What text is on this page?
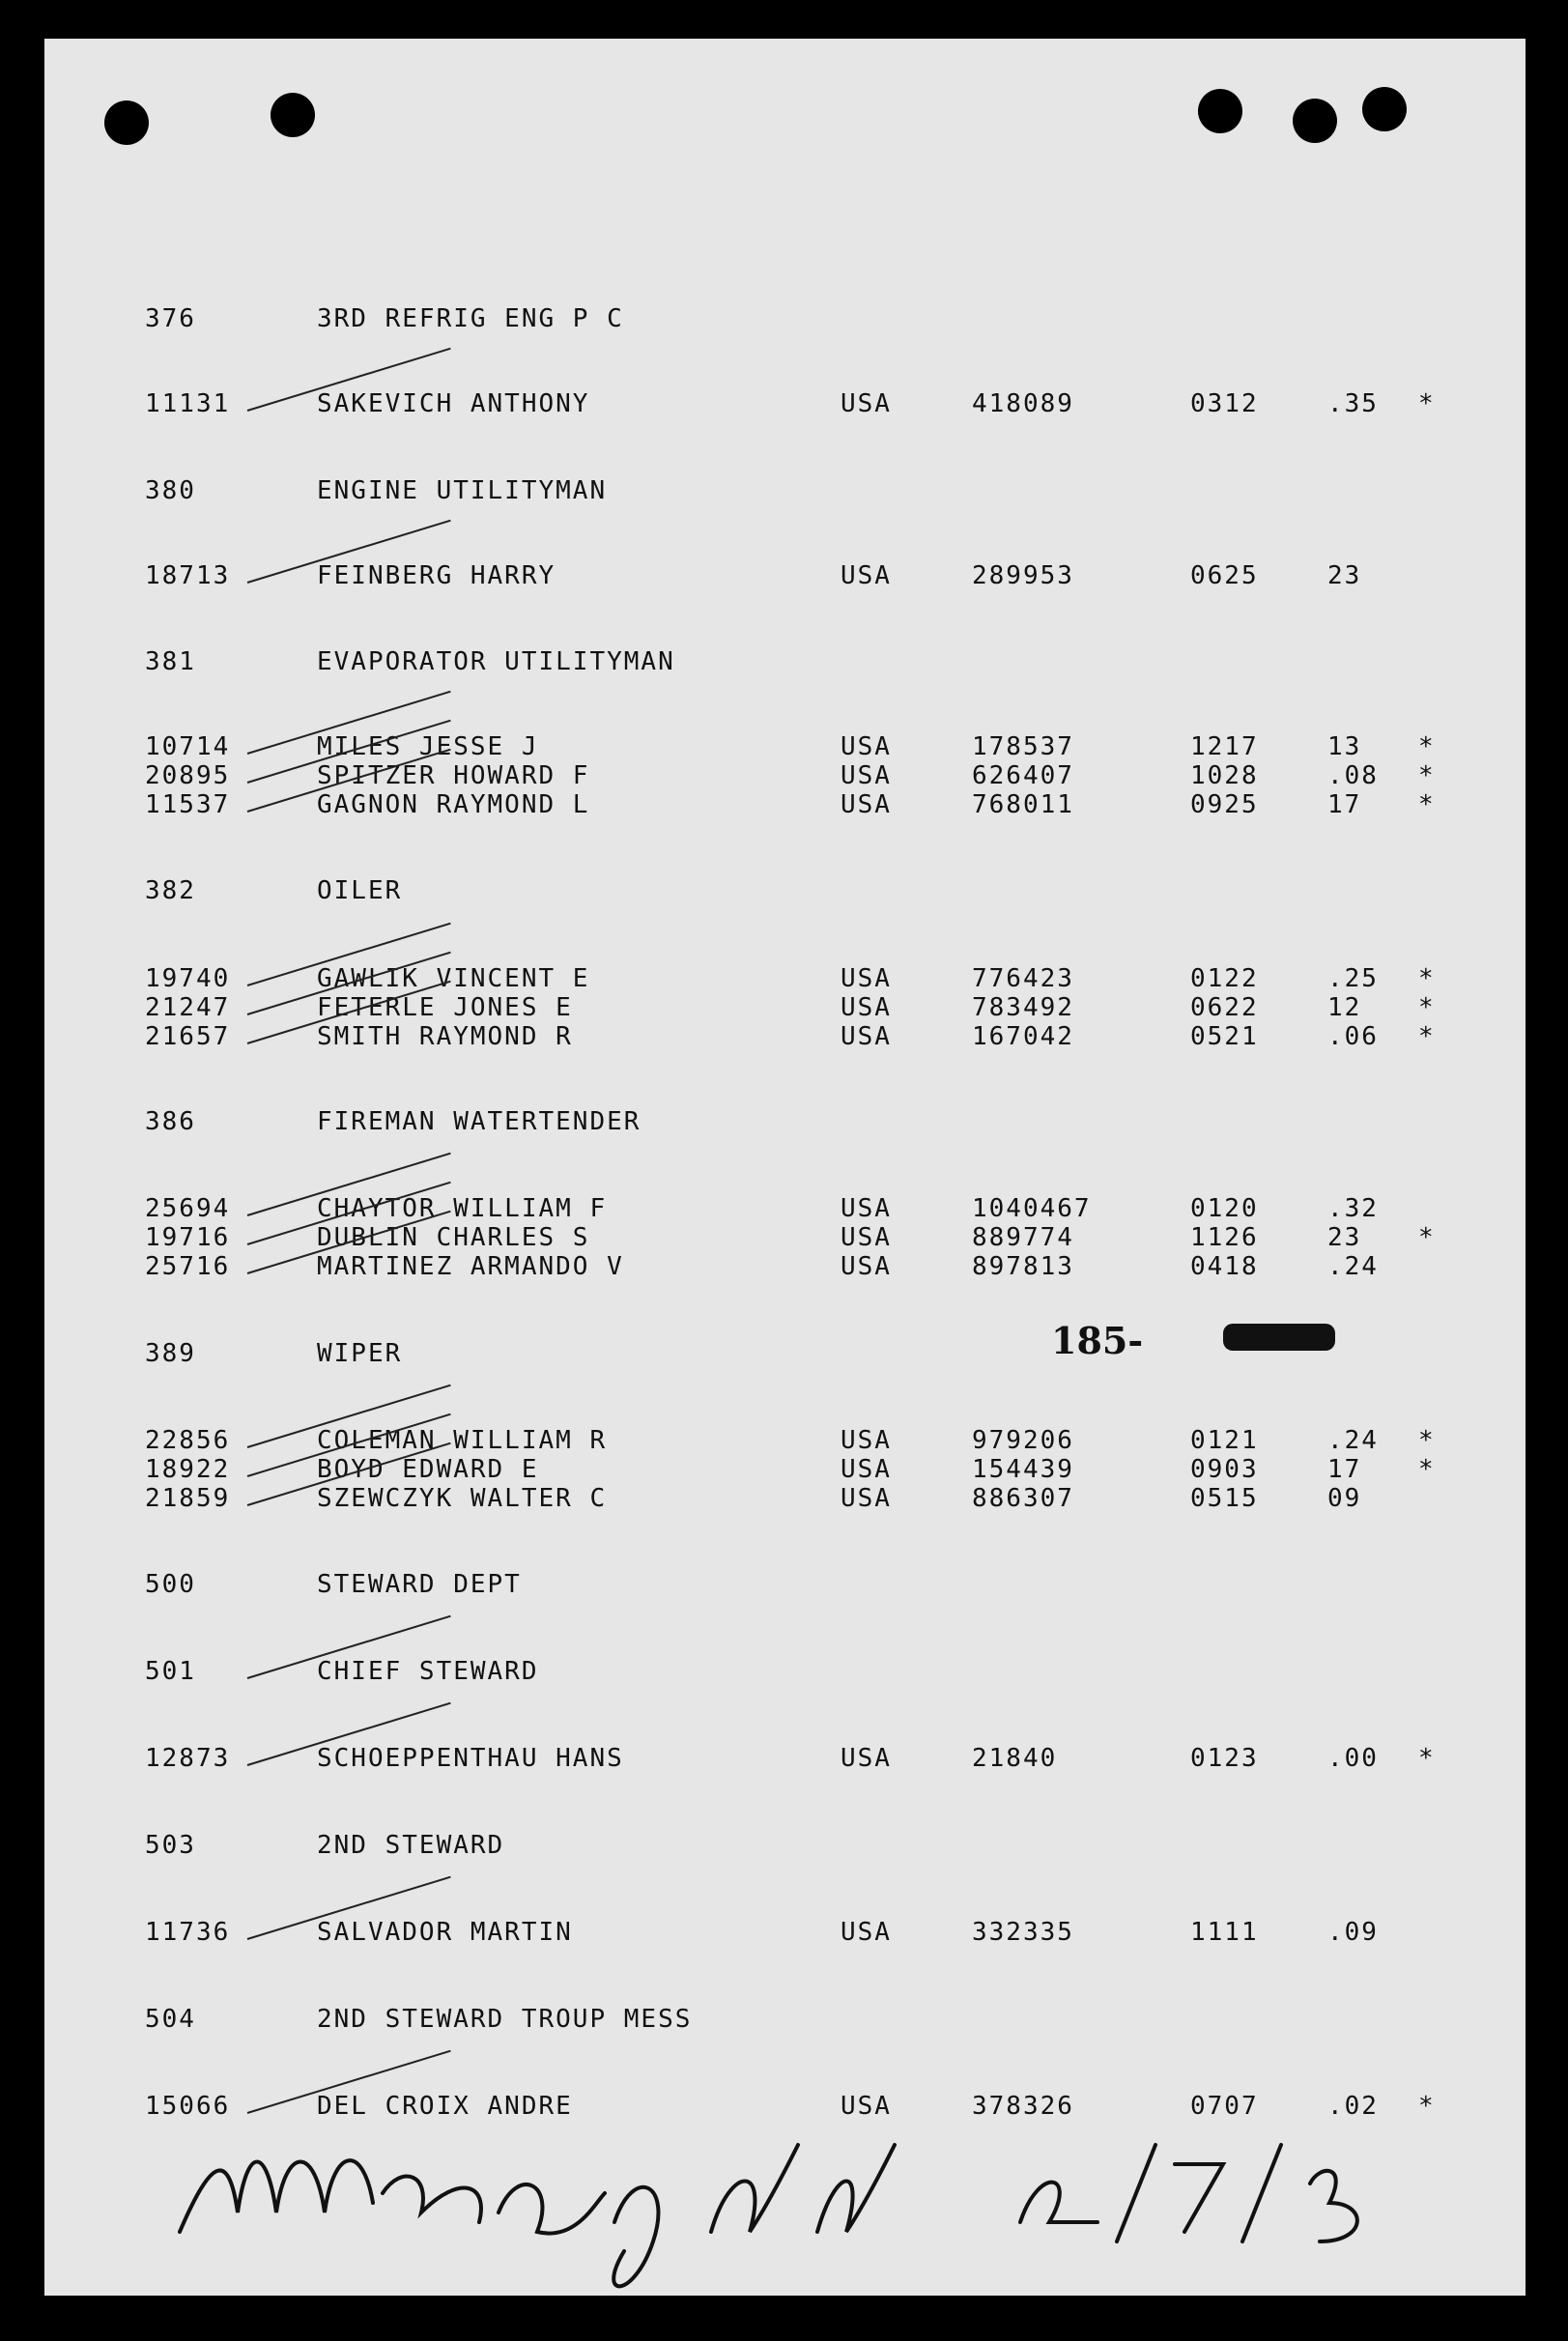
376	3RD REFRIG ENG P C
11131	SAKEVICH ANTHONY	USA	418089	0312	.35 *
380	ENGINE UTILITYMAN
18713	FEINBERG HARRY	USA	289953	0625	23
381	EVAPORATOR UTILITYMAN
10714	MILES JESSE J	USA	178537	1217	13 *
20895	SPITZER HOWARD F	USA	626407	1028	.08 *
11537	GAGNON RAYMOND L	USA	768011	0925	17 *
382	OILER
19740	GAWLIK VINCENT E	USA	776423	0122	.25 *
21247	FETERLE JONES E	USA	783492	0622	12 *
21657	SMITH RAYMOND R	USA	167042	0521	.06 *
386	FIREMAN WATERTENDER
25694	CHAYTOR WILLIAM F	USA	1040467	0120	.32
19716	DUBLIN CHARLES S	USA	889774	1126	23 *
25716	MARTINEZ ARMANDO V	USA	897813	0418	.24
389	WIPER
22856	COLEMAN WILLIAM R	USA	979206	0121	.24 *
18922	BOYD EDWARD E	USA	154439	0903	17 *
21859	SZEWCZYK WALTER C	USA	886307	0515	09
500	STEWARD DEPT
501	CHIEF STEWARD
12873	SCHOEPPENTHAU HANS	USA	21840	0123	.00 *
503	2ND STEWARD
11736	SALVADOR MARTIN	USA	332335	1111	.09
504	2ND STEWARD TROUP MESS
15066	DEL CROIX ANDRE	USA	378326	0707	.02 *
185-
